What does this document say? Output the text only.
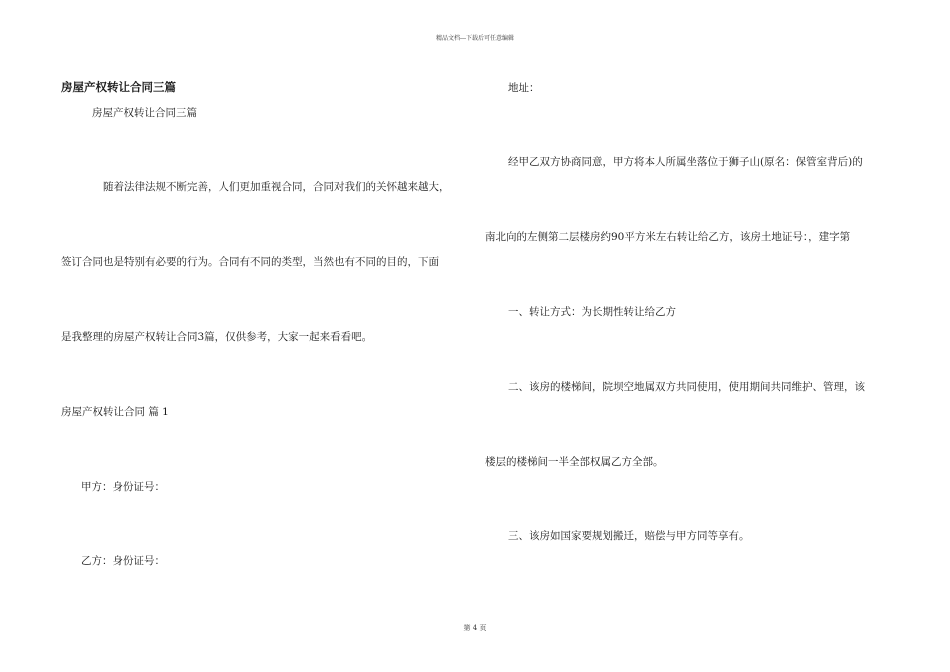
精品文档---下载后可任意编辑
房屋产权转让合同三篇
房屋产权转让合同三篇
随着法律法规不断完善，人们更加重视合同，合同对我们的关怀越来越大，
签订合同也是特别有必要的行为。合同有不同的类型，当然也有不同的目的，下面
是我整理的房屋产权转让合同3篇，仅供参考，大家一起来看看吧。
房屋产权转让合同 篇 1
甲方：身份证号：
乙方：身份证号：
地址：
经甲乙双方协商同意，甲方将本人所属坐落位于狮子山(原名：保管室背后)的
南北向的左侧第二层楼房约90平方米左右转让给乙方，该房土地证号：，建字第
一、转让方式：为长期性转让给乙方
二、该房的楼梯间，院坝空地属双方共同使用，使用期间共同维护、管理，该
楼层的楼梯间一半全部权属乙方全部。
三、该房如国家要规划搬迁，赔偿与甲方同等享有。
第 4 页
